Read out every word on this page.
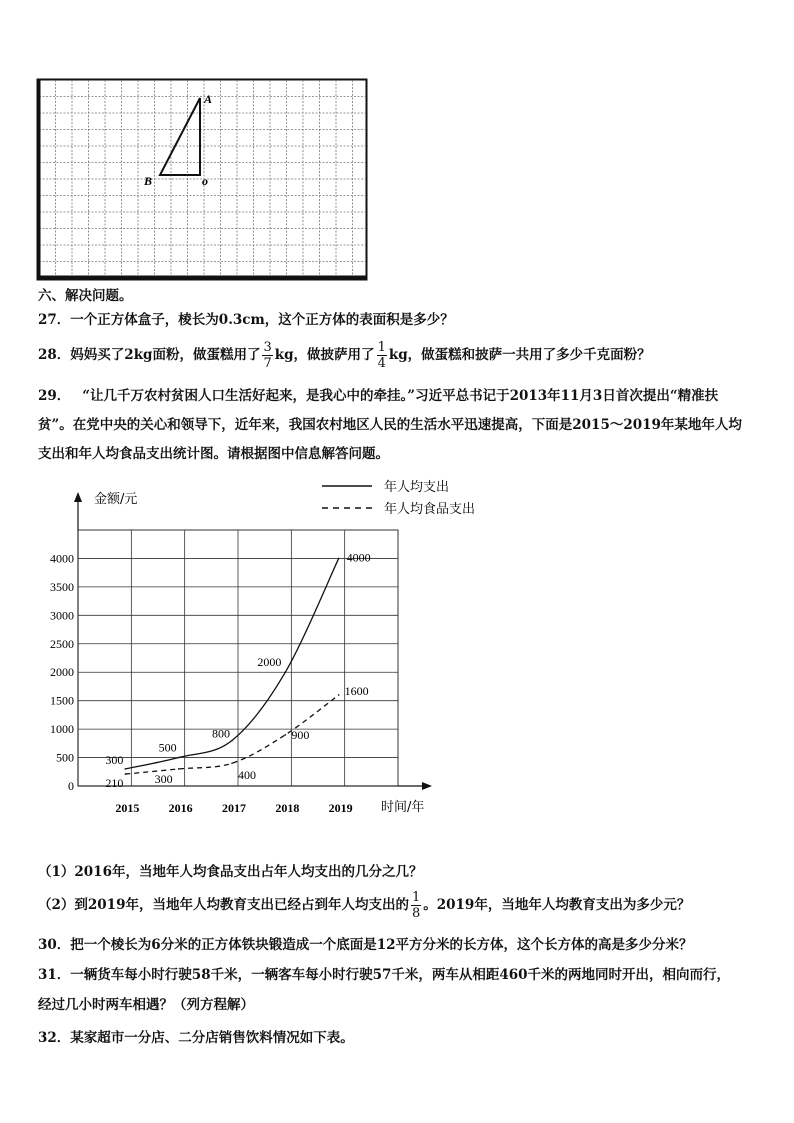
A
B	o
六、解决问题。
27．一个正方体盒子，棱长为0.3cm，这个正方体的表面积是多少？
28．妈妈买了2kg面粉，做蛋糕用了 $\frac{3}{7}$ kg，做披萨用了 $\frac{1}{4}$ kg，做蛋糕和披萨一共用了多少千克面粉？
29． “让几千万农村贫困人口生活好起来，是我心中的牵挂。”习近平总书记于2013年11月3日首次提出“精准扶
贫”。在党中央的关心和领导下，近年来，我国农村地区人民的生活水平迅速提高，下面是2015～2019年某地年人均
支出和年人均食品支出统计图。请根据图中信息解答问题。
0
500
1000
1500
2000
2500
3000
3500
4000
2015 2016 2017 2018 2019
金额/元
时间/年
300
500
800
2000
4000
210	300	400
900
1600
年人均支出
年人均食品支出
（1）2016年，当地年人均食品支出占年人均支出的几分之几？
（2）到2019年，当地年人均教育支出已经占到年人均支出的 $\frac{1}{8}$ 。2019年，当地年人均教育支出为多少元？
30．把一个棱长为6分米的正方体铁块锻造成一个底面是12平方分米的长方体，这个长方体的高是多少分米？
31．一辆货车每小时行驶58千米，一辆客车每小时行驶57千米，两车从相距460千米的两地同时开出，相向而行，
经过几小时两车相遇？（列方程解）
32．某家超市一分店、二分店销售饮料情况如下表。
